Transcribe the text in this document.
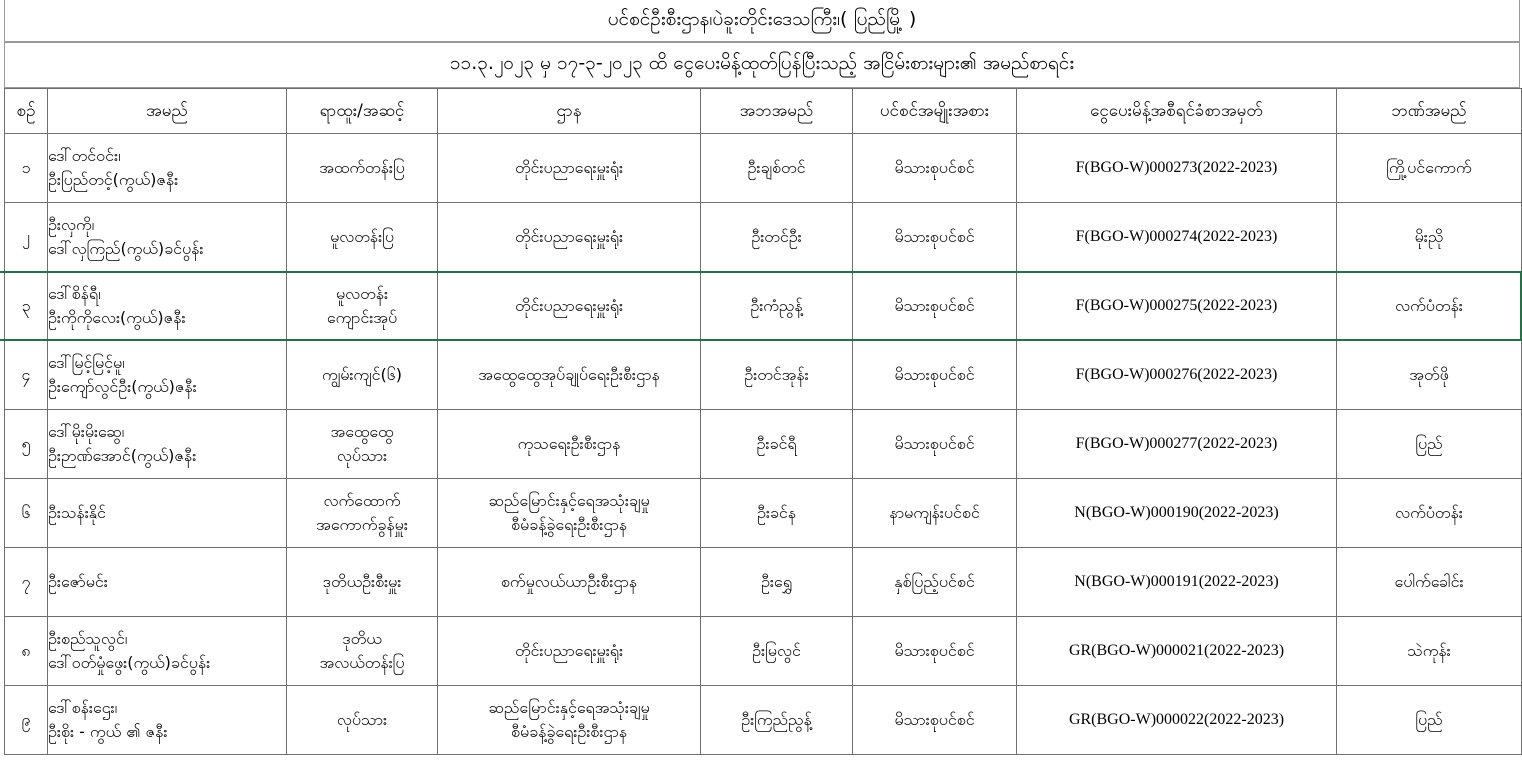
ပင်စင်ဦးစီးဌာန၊ပဲခူးတိုင်းဒေသကြီး၊( ပြည်မြို့ )
၁၁.၃.၂၀၂၃ မှ ၁၇-၃-၂၀၂၃ ထိ ငွေပေးမိန့်ထုတ်ပြန်ပြီးသည့် အငြိမ်းစားများ၏ အမည်စာရင်း
စဉ်	အမည်	ရာထူး/အဆင့်	ဌာန	အဘအမည်	ပင်စင်အမျိုးအစား	ငွေပေးမိန့်အစီရင်ခံစာအမှတ်	ဘဏ်အမည်

၁	ဒေါ်တင်ဝင်း၊
ဦးပြည်တင့်(ကွယ်)ဇနီး	အထက်တန်းပြ	တိုင်းပညာရေးမှူးရုံး	ဦးချစ်တင်	မိသားစုပင်စင်	F(BGO-W)000273(2022-2023)	ကြို့ပင်ကောက်

၂	ဦးလှကို၊
ဒေါ်လှကြည်(ကွယ်)ခင်ပွန်း	မူလတန်းပြ	တိုင်းပညာရေးမှူးရုံး	ဦးတင်ဦး	မိသားစုပင်စင်	F(BGO-W)000274(2022-2023)	မိုးညို

၃	ဒေါ်စိန်ရီ၊
ဦးကိုကိုလေး(ကွယ်)ဇနီး	မူလတန်း
ကျောင်းအုပ်	တိုင်းပညာရေးမှူးရုံး	ဦးကံညွန့်	မိသားစုပင်စင်	F(BGO-W)000275(2022-2023)	လက်ပံတန်း

၄	ဒေါ်မြင့်မြင့်မူ၊
ဦးကျော်လွင်ဦး(ကွယ်)ဇနီး	ကျွမ်းကျင်(၆)	အထွေထွေအုပ်ချုပ်ရေးဦးစီးဌာန	ဦးတင်အုန်း	မိသားစုပင်စင်	F(BGO-W)000276(2022-2023)	အုတ်ဖို

၅	ဒေါ်မိုးမိုးဆွေ၊
ဦးဉာဏ်အောင်(ကွယ်)ဇနီး	အထွေထွေ
လုပ်သား	ကုသရေးဦးစီးဌာန	ဦးခင်ရီ	မိသားစုပင်စင်	F(BGO-W)000277(2022-2023)	ပြည်

၆	ဦးသန်းနိုင်	လက်ထောက်
အကောက်ခွန်မှူး	ဆည်မြောင်းနှင့်ရေအသုံးချမှု
စီမံခန့်ခွဲရေးဦးစီးဌာန	ဦးခင်န	နာမကျန်းပင်စင်	N(BGO-W)000190(2022-2023)	လက်ပံတန်း

၇	ဦးဇော်မင်း	ဒုတိယဦးစီးမှူး	စက်မှုလယ်ယာဦးစီးဌာန	ဦးရွှေ	နှစ်ပြည့်ပင်စင်	N(BGO-W)000191(2022-2023)	ပေါက်ခေါင်း

၈	ဦးစည်သူလွင်၊
ဒေါ်ဝတ်မှုံဖွေး(ကွယ်)ခင်ပွန်း	ဒုတိယ
အလယ်တန်းပြ	တိုင်းပညာရေးမှူးရုံး	ဦးမြလွင်	မိသားစုပင်စင်	GR(BGO-W)000021(2022-2023)	သဲကုန်း

၉	ဒေါ်စန်းဌေး၊
ဦးစိုး - ကွယ် ၏ ဇနီး	လုပ်သား	ဆည်မြောင်းနှင့်ရေအသုံးချမှု
စီမံခန့်ခွဲရေးဦးစီးဌာန	ဦးကြည်ညွန့်	မိသားစုပင်စင်	GR(BGO-W)000022(2022-2023)	ပြည်
